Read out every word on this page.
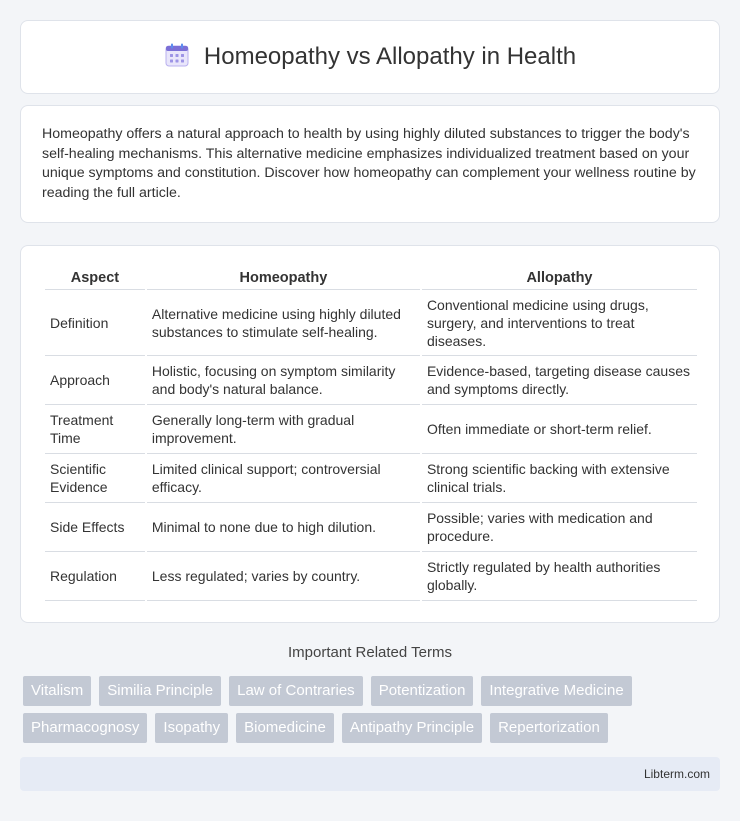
Homeopathy vs Allopathy in Health

Homeopathy offers a natural approach to health by using highly diluted substances to trigger the body's self-healing mechanisms. This alternative medicine emphasizes individualized treatment based on your unique symptoms and constitution. Discover how homeopathy can complement your wellness routine by reading the full article.

Aspect	Homeopathy	Allopathy
Definition	Alternative medicine using highly diluted substances to stimulate self-healing.	Conventional medicine using drugs, surgery, and interventions to treat diseases.
Approach	Holistic, focusing on symptom similarity and body's natural balance.	Evidence-based, targeting disease causes and symptoms directly.
Treatment Time	Generally long-term with gradual improvement.	Often immediate or short-term relief.
Scientific Evidence	Limited clinical support; controversial efficacy.	Strong scientific backing with extensive clinical trials.
Side Effects	Minimal to none due to high dilution.	Possible; varies with medication and procedure.
Regulation	Less regulated; varies by country.	Strictly regulated by health authorities globally.
Important Related Terms
Vitalism	Similia Principle	Law of Contraries	Potentization	Integrative Medicine
Pharmacognosy	Isopathy	Biomedicine	Antipathy Principle	Repertorization
Libterm.com
